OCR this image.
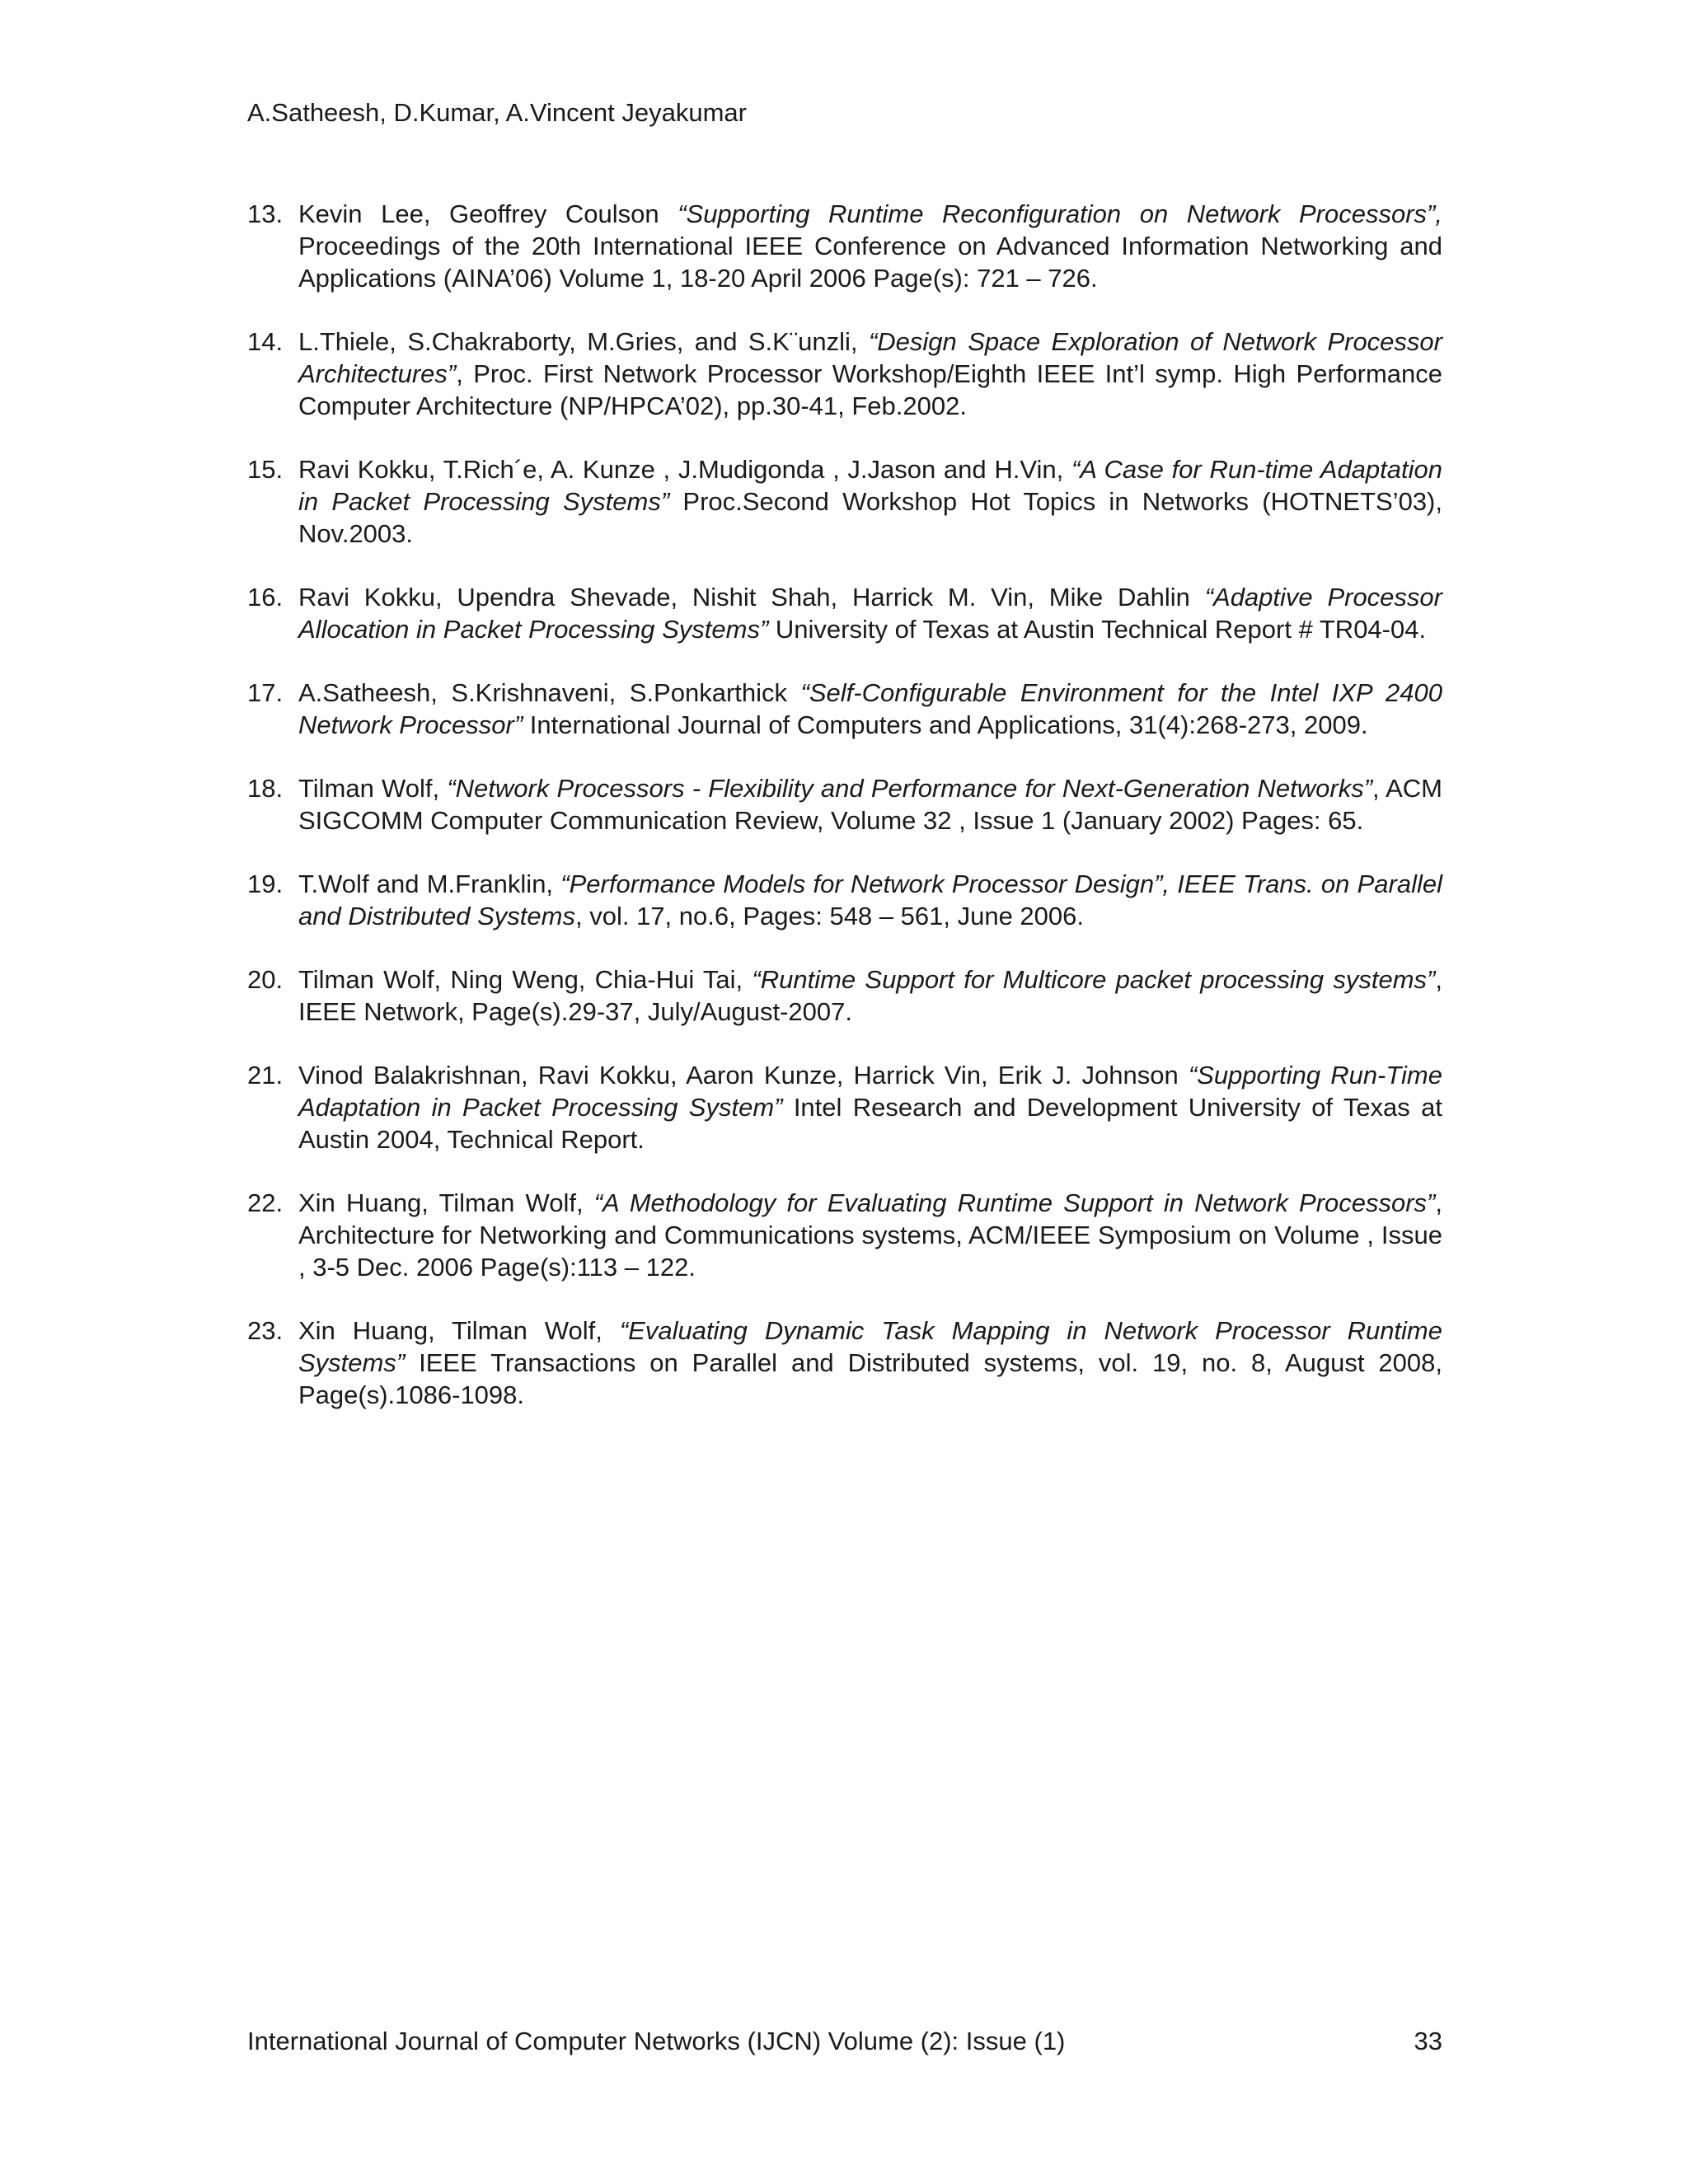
A.Satheesh, D.Kumar, A.Vincent Jeyakumar
13. Kevin Lee, Geoffrey Coulson “Supporting Runtime Reconfiguration on Network Processors”, Proceedings of the 20th International IEEE Conference on Advanced Information Networking and Applications (AINA’06) Volume 1, 18-20 April 2006 Page(s): 721 – 726.
14. L.Thiele, S.Chakraborty, M.Gries, and S.K¨unzli, “Design Space Exploration of Network Processor Architectures”, Proc. First Network Processor Workshop/Eighth IEEE Int’l symp. High Performance Computer Architecture (NP/HPCA’02), pp.30-41, Feb.2002.
15. Ravi Kokku, T.Rich´e, A. Kunze , J.Mudigonda , J.Jason and H.Vin, “A Case for Run-time Adaptation in Packet Processing Systems” Proc.Second Workshop Hot Topics in Networks (HOTNETS’03), Nov.2003.
16. Ravi Kokku, Upendra Shevade, Nishit Shah, Harrick M. Vin, Mike Dahlin “Adaptive Processor Allocation in Packet Processing Systems” University of Texas at Austin Technical Report # TR04-04.
17. A.Satheesh, S.Krishnaveni, S.Ponkarthick “Self-Configurable Environment for the Intel IXP 2400 Network Processor” International Journal of Computers and Applications, 31(4):268-273, 2009.
18. Tilman Wolf, “Network Processors - Flexibility and Performance for Next-Generation Networks”, ACM SIGCOMM Computer Communication Review, Volume 32 , Issue 1 (January 2002) Pages: 65.
19. T.Wolf and M.Franklin, “Performance Models for Network Processor Design”, IEEE Trans. on Parallel and Distributed Systems, vol. 17, no.6, Pages: 548 – 561, June 2006.
20. Tilman Wolf, Ning Weng, Chia-Hui Tai, “Runtime Support for Multicore packet processing systems”, IEEE Network, Page(s).29-37, July/August-2007.
21. Vinod Balakrishnan, Ravi Kokku, Aaron Kunze, Harrick Vin, Erik J. Johnson “Supporting Run-Time Adaptation in Packet Processing System” Intel Research and Development University of Texas at Austin 2004, Technical Report.
22. Xin Huang, Tilman Wolf, “A Methodology for Evaluating Runtime Support in Network Processors”, Architecture for Networking and Communications systems, ACM/IEEE Symposium on Volume , Issue , 3-5 Dec. 2006 Page(s):113 – 122.
23. Xin Huang, Tilman Wolf, “Evaluating Dynamic Task Mapping in Network Processor Runtime Systems” IEEE Transactions on Parallel and Distributed systems, vol. 19, no. 8, August 2008, Page(s).1086-1098.
International Journal of Computer Networks (IJCN) Volume (2): Issue (1)	33
